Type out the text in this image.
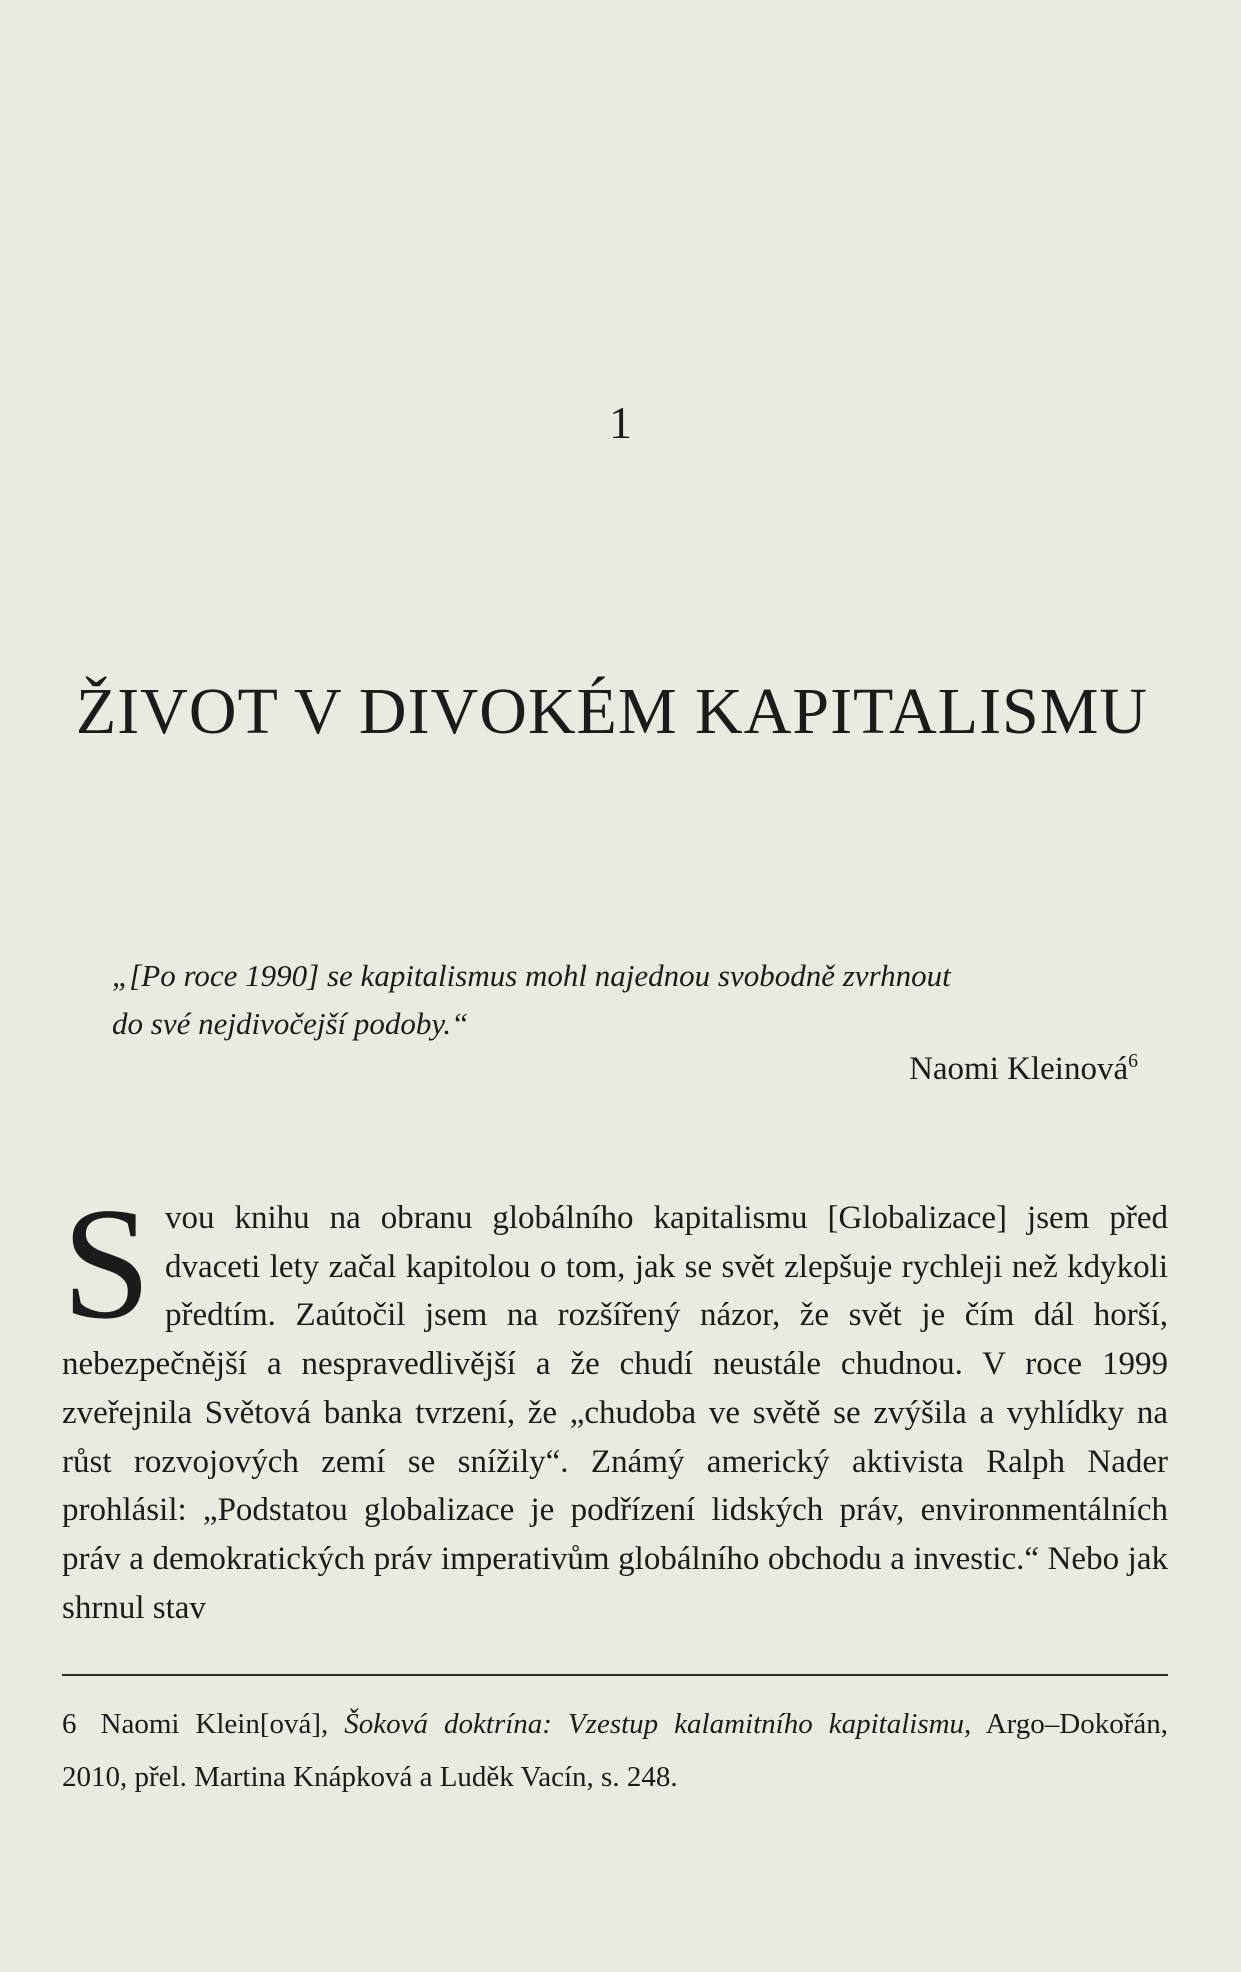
1
ŽIVOT V DIVOKÉM KAPITALISMU
„[Po roce 1990] se kapitalismus mohl najednou svobodně zvrhnout
do své nejdivočejší podoby.“
Naomi Kleinová$^6$
Svou knihu na obranu globálního kapitalismu [Globalizace] jsem před dvaceti lety začal kapitolou o tom, jak se svět zlepšuje rychleji než kdykoli předtím. Zaútočil jsem na rozšířený názor, že svět je čím dál horší, nebezpečnější a nespravedlivější a že chudí neustále chudnou. V roce 1999 zveřejnila Světová banka tvrzení, že „chudoba ve světě se zvýšila a vyhlídky na růst rozvojových zemí se snížily“. Známý americký aktivista Ralph Nader prohlásil: „Podstatou globalizace je podřízení lidských práv, environmentálních práv a demokratických práv imperativům globálního obchodu a investic.“ Nebo jak shrnul stav
6 Naomi Klein[ová], Šoková doktrína: Vzestup kalamitního kapitalismu, Argo–Dokořán, 2010, přel. Martina Knápková a Luděk Vacín, s. 248.
